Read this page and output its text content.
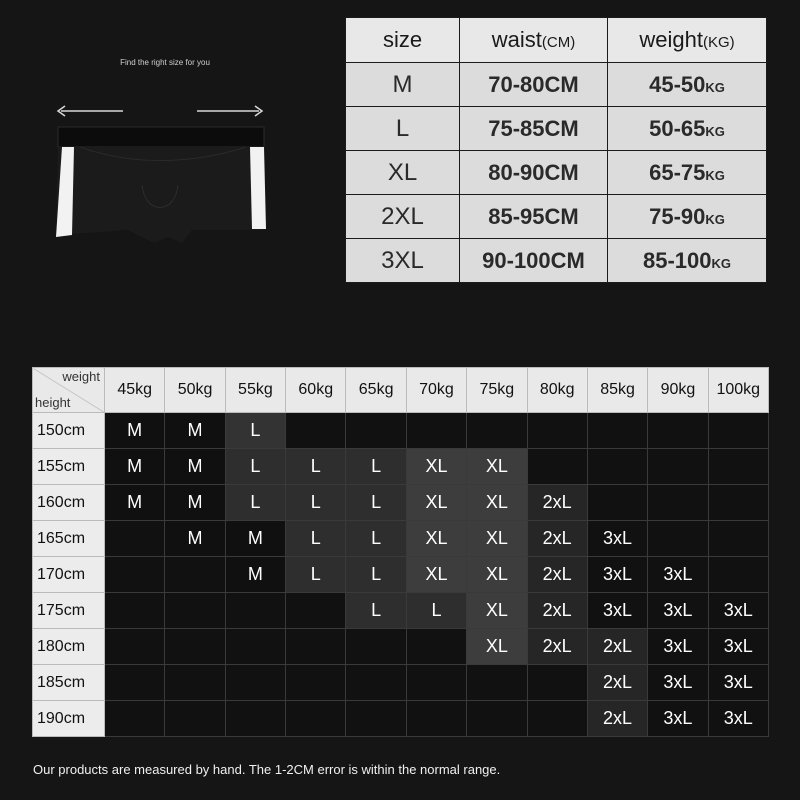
Find the right size for you
size	waist(CM)	weight(KG)
M	70-80CM	45-50KG
L	75-85CM	50-65KG
XL	80-90CM	65-75KG
2XL	85-95CM	75-90KG
3XL	90-100CM	85-100KG
weight
height	45kg	50kg	55kg	60kg	65kg	70kg	75kg	80kg	85kg	90kg	100kg
150cm	M	M	L								
155cm	M	M	L	L	L	XL	XL				
160cm	M	M	L	L	L	XL	XL	2xL			
165cm		M	M	L	L	XL	XL	2xL	3xL		
170cm			M	L	L	XL	XL	2xL	3xL	3xL	
175cm					L	L	XL	2xL	3xL	3xL	3xL
180cm							XL	2xL	2xL	3xL	3xL
185cm									2xL	3xL	3xL
190cm									2xL	3xL	3xL
Our products are measured by hand. The 1-2CM error is within the normal range.
